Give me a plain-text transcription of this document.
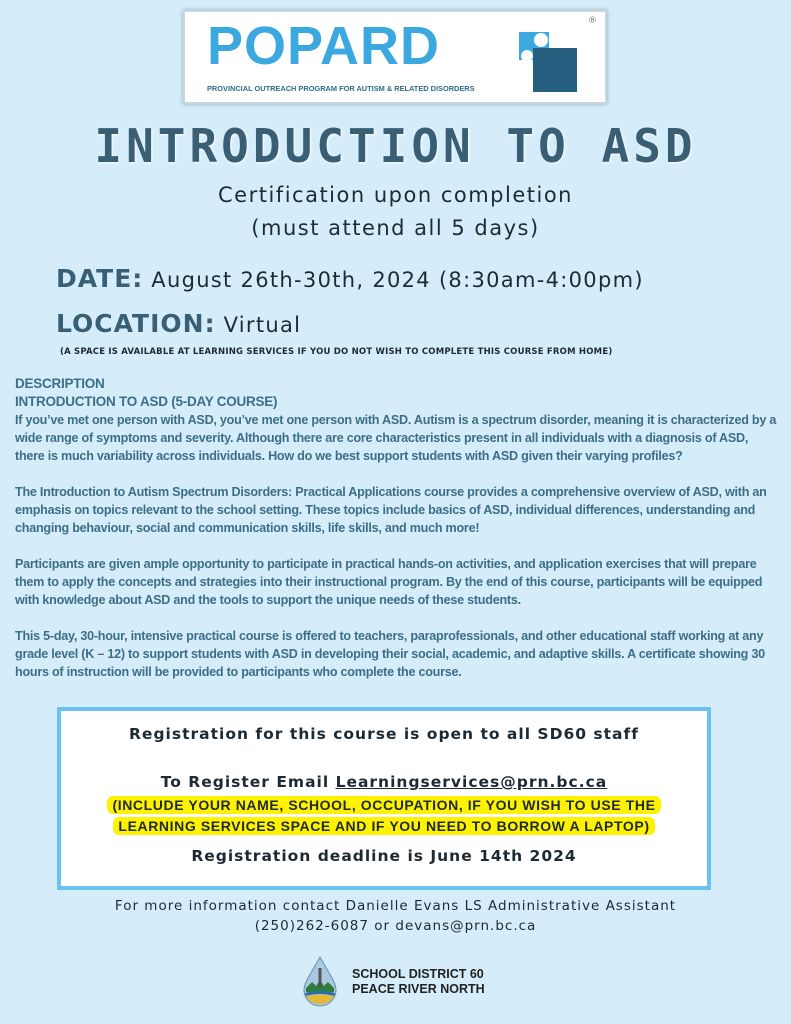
POPARD	®
PROVINCIAL OUTREACH PROGRAM FOR AUTISM & RELATED DISORDERS
INTRODUCTION TO ASD
Certification upon completion
(must attend all 5 days)
DATE: August 26th-30th, 2024 (8:30am-4:00pm)
LOCATION: Virtual
(A SPACE IS AVAILABLE AT LEARNING SERVICES IF YOU DO NOT WISH TO COMPLETE THIS COURSE FROM HOME)
DESCRIPTION
INTRODUCTION TO ASD (5-DAY COURSE)

If you’ve met one person with ASD, you’ve met one person with ASD. Autism is a spectrum disorder, meaning it is characterized by a wide range of symptoms and severity. Although there are core characteristics present in all individuals with a diagnosis of ASD, there is much variability across individuals. How do we best support students with ASD given their varying profiles?

The Introduction to Autism Spectrum Disorders: Practical Applications course provides a comprehensive overview of ASD, with an emphasis on topics relevant to the school setting. These topics include basics of ASD, individual differences, understanding and changing behaviour, social and communication skills, life skills, and much more!

Participants are given ample opportunity to participate in practical hands-on activities, and application exercises that will prepare them to apply the concepts and strategies into their instructional program. By the end of this course, participants will be equipped with knowledge about ASD and the tools to support the unique needs of these students.

This 5-day, 30-hour, intensive practical course is offered to teachers, paraprofessionals, and other educational staff working at any grade level (K – 12) to support students with ASD in developing their social, academic, and adaptive skills. A certificate showing 30 hours of instruction will be provided to participants who complete the course.

Registration for this course is open to all SD60 staff
To Register Email Learningservices@prn.bc.ca
(INCLUDE YOUR NAME, SCHOOL, OCCUPATION, IF YOU WISH TO USE THE LEARNING SERVICES SPACE AND IF YOU NEED TO BORROW A LAPTOP)
Registration deadline is June 14th 2024
For more information contact Danielle Evans LS Administrative Assistant
(250)262-6087 or devans@prn.bc.ca
SCHOOL DISTRICT 60
PEACE RIVER NORTH
